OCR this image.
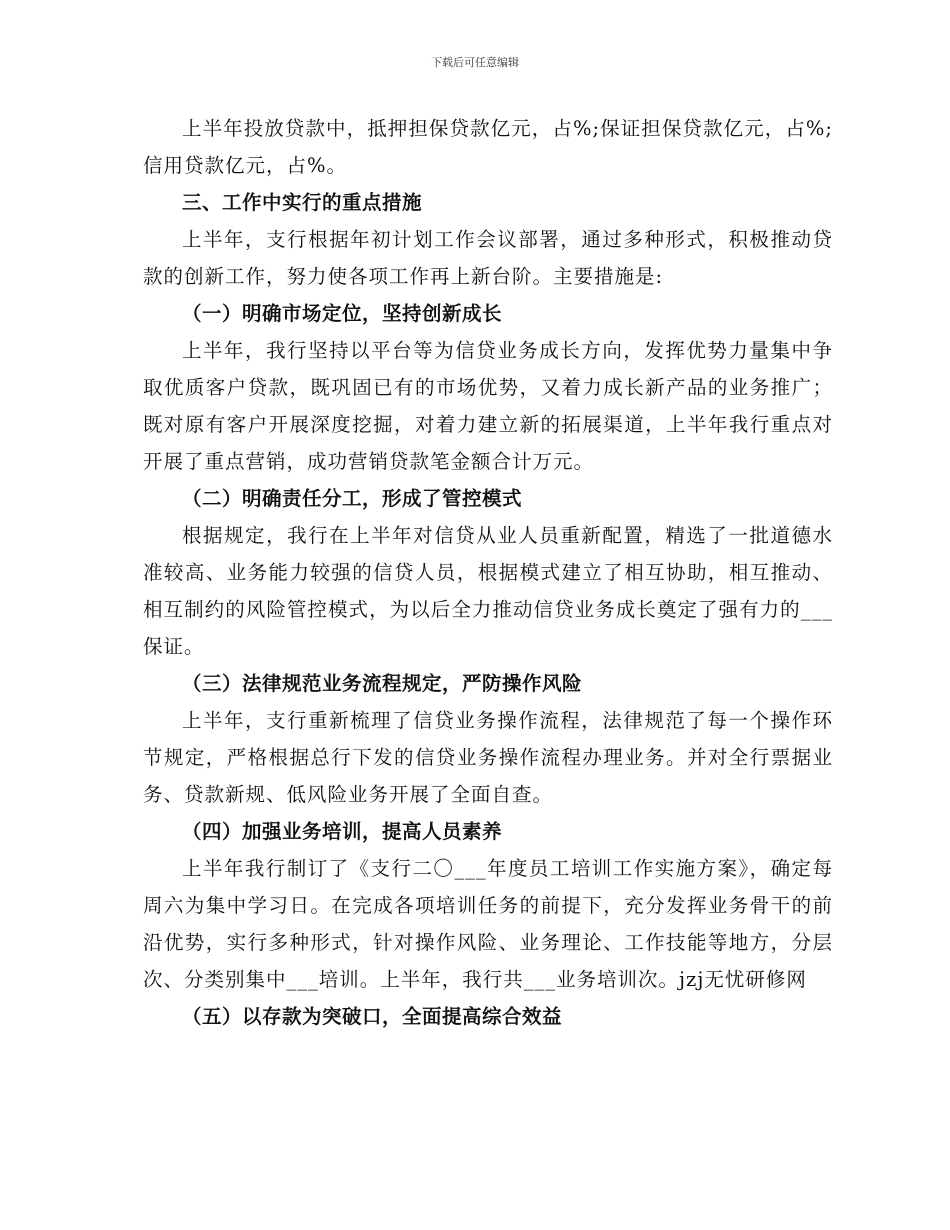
下载后可任意编辑

上半年投放贷款中，抵押担保贷款亿元，占%;保证担保贷款亿元，占%;信用贷款亿元，占%。

三、工作中实行的重点措施

上半年，支行根据年初计划工作会议部署，通过多种形式，积极推动贷款的创新工作，努力使各项工作再上新台阶。主要措施是:

（一）明确市场定位，坚持创新成长

上半年，我行坚持以平台等为信贷业务成长方向，发挥优势力量集中争取优质客户贷款，既巩固已有的市场优势，又着力成长新产品的业务推广；既对原有客户开展深度挖掘，对着力建立新的拓展渠道，上半年我行重点对开展了重点营销，成功营销贷款笔金额合计万元。

（二）明确责任分工，形成了管控模式

根据规定，我行在上半年对信贷从业人员重新配置，精选了一批道德水准较高、业务能力较强的信贷人员，根据模式建立了相互协助，相互推动、相互制约的风险管控模式，为以后全力推动信贷业务成长奠定了强有力的___保证。

（三）法律规范业务流程规定，严防操作风险

上半年，支行重新梳理了信贷业务操作流程，法律规范了每一个操作环节规定，严格根据总行下发的信贷业务操作流程办理业务。并对全行票据业务、贷款新规、低风险业务开展了全面自查。

（四）加强业务培训，提高人员素养

上半年我行制订了《支行二〇___年度员工培训工作实施方案》，确定每周六为集中学习日。在完成各项培训任务的前提下，充分发挥业务骨干的前沿优势，实行多种形式，针对操作风险、业务理论、工作技能等地方，分层次、分类别集中___培训。上半年，我行共___业务培训次。jzj无忧研修网

（五）以存款为突破口，全面提高综合效益
